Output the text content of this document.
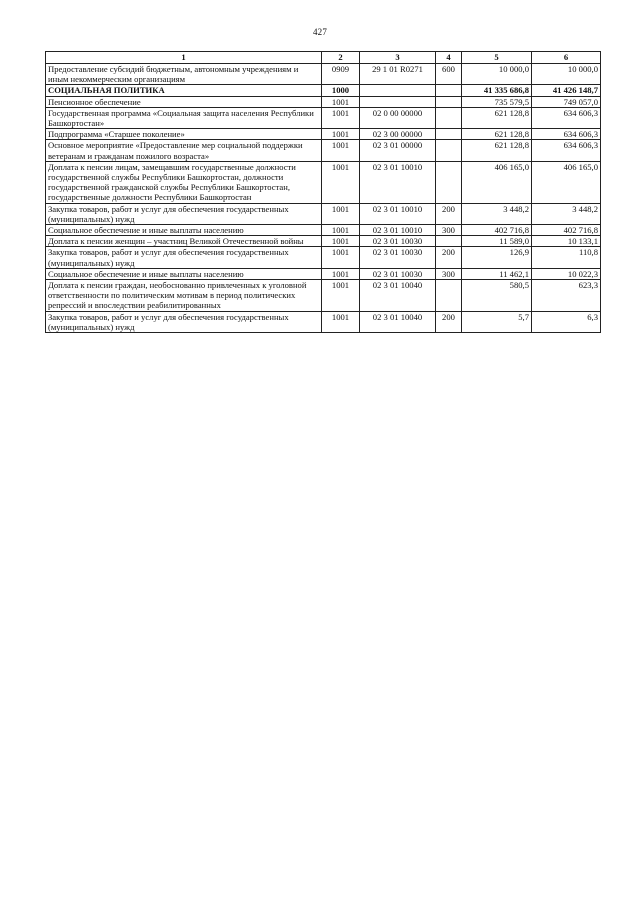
427
1	2	3	4	5	6
Предоставление субсидий бюджетным, автономным учреждениям и иным некоммерческим организациям	0909	29 1 01 R0271	600	10 000,0	10 000,0
СОЦИАЛЬНАЯ ПОЛИТИКА	1000			41 335 686,8	41 426 148,7
Пенсионное обеспечение	1001			735 579,5	749 057,0
Государственная программа «Социальная защита населения Республики Башкортостан»	1001	02 0 00 00000		621 128,8	634 606,3
Подпрограмма «Старшее поколение»	1001	02 3 00 00000		621 128,8	634 606,3
Основное мероприятие «Предоставление мер социальной поддержки ветеранам и гражданам пожилого возраста»	1001	02 3 01 00000		621 128,8	634 606,3
Доплата к пенсии лицам, замещавшим государственные должности государственной службы Республики Башкортостан, должности государственной гражданской службы Республики Башкортостан, государственные должности Республики Башкортостан	1001	02 3 01 10010		406 165,0	406 165,0
Закупка товаров, работ и услуг для обеспечения государственных (муниципальных) нужд	1001	02 3 01 10010	200	3 448,2	3 448,2
Социальное обеспечение и иные выплаты населению	1001	02 3 01 10010	300	402 716,8	402 716,8
Доплата к пенсии женщин – участниц Великой Отечественной войны	1001	02 3 01 10030		11 589,0	10 133,1
Закупка товаров, работ и услуг для обеспечения государственных (муниципальных) нужд	1001	02 3 01 10030	200	126,9	110,8
Социальное обеспечение и иные выплаты населению	1001	02 3 01 10030	300	11 462,1	10 022,3
Доплата к пенсии граждан, необоснованно привлеченных к уголовной ответственности по политическим мотивам в период политических репрессий и впоследствии реабилитированных	1001	02 3 01 10040		580,5	623,3
Закупка товаров, работ и услуг для обеспечения государственных (муниципальных) нужд	1001	02 3 01 10040	200	5,7	6,3
